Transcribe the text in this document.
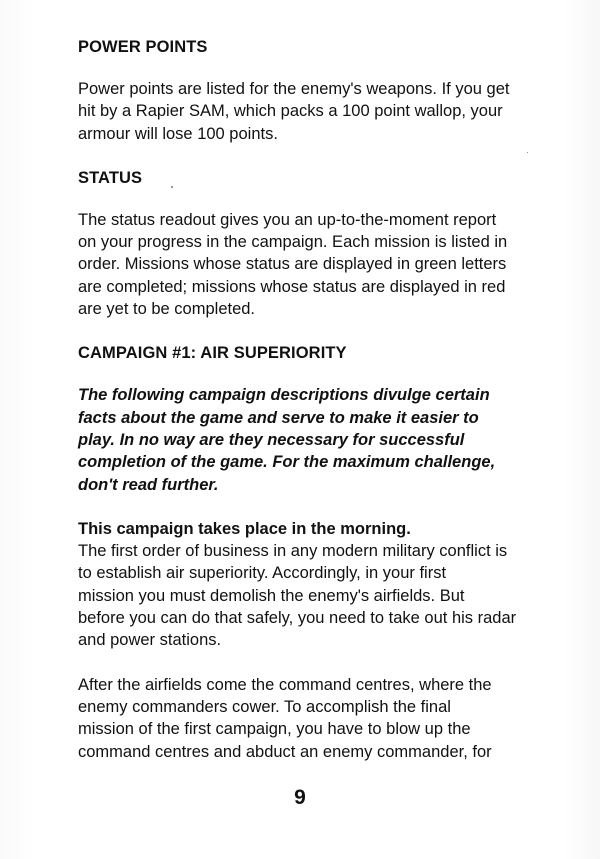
POWER POINTS
Power points are listed for the enemy's weapons. If you get
hit by a Rapier SAM, which packs a 100 point wallop, your
armour will lose 100 points.
STATUS
The status readout gives you an up-to-the-moment report
on your progress in the campaign. Each mission is listed in
order. Missions whose status are displayed in green letters
are completed; missions whose status are displayed in red
are yet to be completed.
CAMPAIGN #1: AIR SUPERIORITY
The following campaign descriptions divulge certain
facts about the game and serve to make it easier to
play. In no way are they necessary for successful
completion of the game. For the maximum challenge,
don't read further.
This campaign takes place in the morning.
The first order of business in any modern military conflict is
to establish air superiority. Accordingly, in your first
mission you must demolish the enemy's airfields. But
before you can do that safely, you need to take out his radar
and power stations.
After the airfields come the command centres, where the
enemy commanders cower. To accomplish the final
mission of the first campaign, you have to blow up the
command centres and abduct an enemy commander, for
9
